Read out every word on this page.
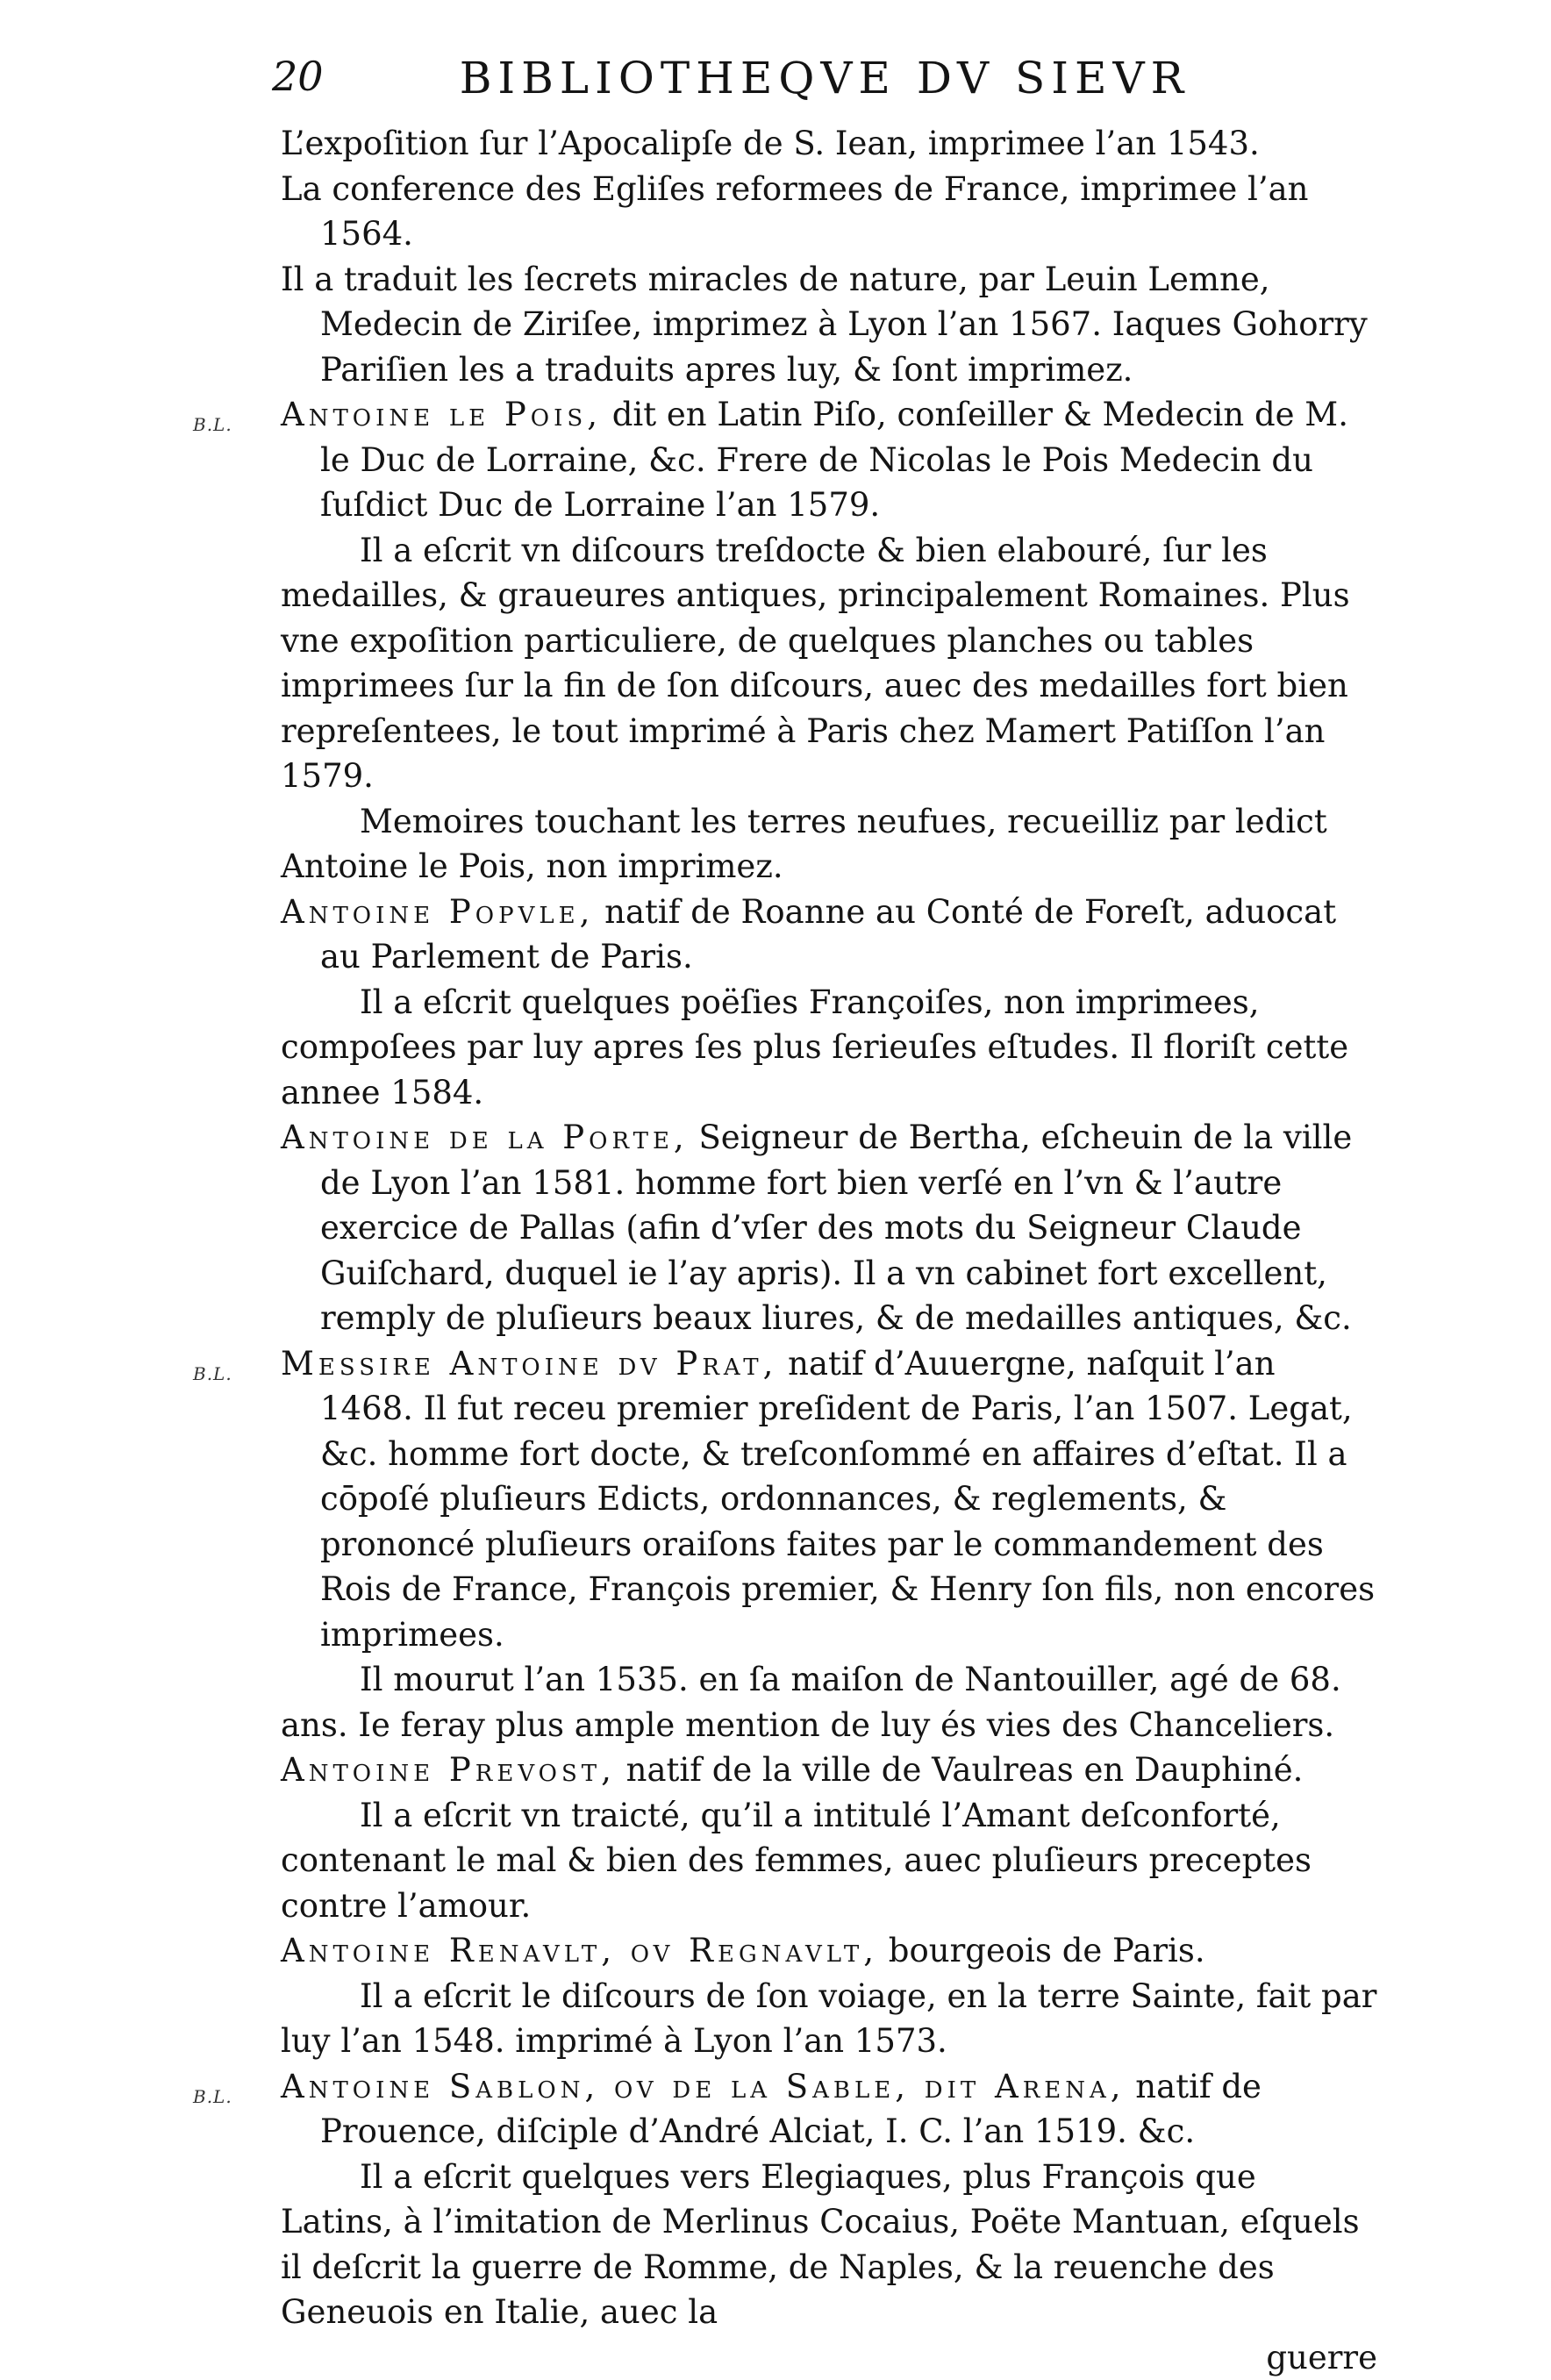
20	BIBLIOTHEQVE DV SIEVR

L’expoſition ſur l’Apocalipſe de S. Iean, imprimee l’an 1543.

La conference des Egliſes reformees de France, imprimee l’an 1564.

Il a traduit les ſecrets miracles de nature, par Leuin Lemne, Medecin de Ziriſee, imprimez à Lyon l’an 1567. Iaques Gohorry Pariſien les a traduits apres luy, & ſont imprimez.

B.L. Antoine le Pois, dit en Latin Piſo, conſeiller & Medecin de M. le Duc de Lorraine, &c. Frere de Nicolas le Pois Medecin du ſuſdict Duc de Lorraine l’an 1579.

Il a eſcrit vn diſcours treſdocte & bien elabouré, ſur les medailles, & graueures antiques, principalement Romaines. Plus vne expoſition particuliere, de quelques planches ou tables imprimees ſur la fin de ſon diſcours, auec des medailles fort bien repreſentees, le tout imprimé à Paris chez Mamert Patiſſon l’an 1579.

Memoires touchant les terres neufues, recueilliz par ledict Antoine le Pois, non imprimez.

Antoine Popvle, natif de Roanne au Conté de Foreſt, aduocat au Parlement de Paris.

Il a eſcrit quelques poëſies Françoiſes, non imprimees, compoſees par luy apres ſes plus ſerieuſes eſtudes. Il floriſt cette annee 1584.

Antoine de la Porte, Seigneur de Bertha, eſcheuin de la ville de Lyon l’an 1581. homme fort bien verſé en l’vn & l’autre exercice de Pallas (afin d’vſer des mots du Seigneur Claude Guiſchard, duquel ie l’ay apris). Il a vn cabinet fort excellent, remply de pluſieurs beaux liures, & de medailles antiques, &c.

B.L. Messire Antoine dv Prat, natif d’Auuergne, naſquit l’an 1468. Il fut receu premier preſident de Paris, l’an 1507. Legat, &c. homme fort docte, & treſconſommé en affaires d’eſtat. Il a cōpoſé pluſieurs Edicts, ordonnances, & reglements, & prononcé pluſieurs oraiſons faites par le commandement des Rois de France, François premier, & Henry ſon fils, non encores imprimees.

Il mourut l’an 1535. en ſa maiſon de Nantouiller, agé de 68. ans. Ie feray plus ample mention de luy és vies des Chanceliers.

Antoine Prevost, natif de la ville de Vaulreas en Dauphiné.

Il a eſcrit vn traicté, qu’il a intitulé l’Amant deſconforté, contenant le mal & bien des femmes, auec pluſieurs preceptes contre l’amour.

Antoine Renavlt, ov Regnavlt, bourgeois de Paris.

Il a eſcrit le diſcours de ſon voiage, en la terre Sainte, fait par luy l’an 1548. imprimé à Lyon l’an 1573.

B.L. Antoine Sablon, ov de la Sable, dit Arena, natif de Prouence, diſciple d’André Alciat, I. C. l’an 1519. &c.

Il a eſcrit quelques vers Elegiaques, plus François que Latins, à l’imitation de Merlinus Cocaius, Poëte Mantuan, eſquels il deſcrit la guerre de Romme, de Naples, & la reuenche des Geneuois en Italie, auec la

guerre
